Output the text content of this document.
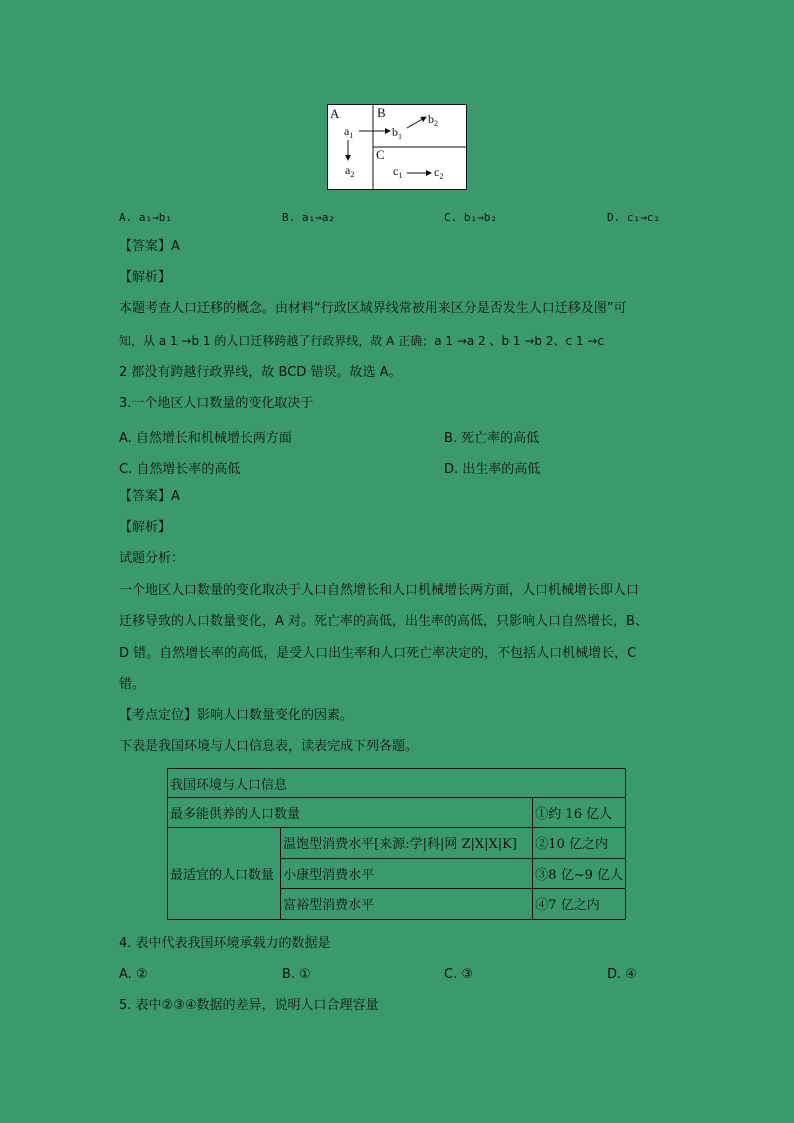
A	B
C
$a_1$
$a_2$
$b_1$
$b_2$
$c_1$	$c_2$
A. a₁→b₁	B. a₁→a₂	C. b₁→b₂	D. c₁→c₂
【答案】A
【解析】
本题考查人口迁移的概念。由材料“行政区域界线常被用来区分是否发生人口迁移及图”可
知，从 a 1 →b 1 的人口迁移跨越了行政界线，故 A 正确；a 1 →a 2 、b 1 →b 2、c 1 →c
2 都没有跨越行政界线，故 BCD 错误。故选 A。
3.一个地区人口数量的变化取决于
A. 自然增长和机械增长两方面	B. 死亡率的高低
C. 自然增长率的高低	D. 出生率的高低
【答案】A
【解析】
试题分析：
一个地区人口数量的变化取决于人口自然增长和人口机械增长两方面，人口机械增长即人口
迁移导致的人口数量变化，A 对。死亡率的高低，出生率的高低，只影响人口自然增长，B、
D 错。自然增长率的高低，是受人口出生率和人口死亡率决定的，不包括人口机械增长，C
错。
【考点定位】影响人口数量变化的因素。
下表是我国环境与人口信息表，读表完成下列各题。
我国环境与人口信息		
最多能供养的人口数量		①约 16 亿人
最适宜的人口数量	温饱型消费水平[来源:学|科|网 Z|X|X|K]	②10 亿之内
	小康型消费水平	③8 亿~9 亿人
	富裕型消费水平	④7 亿之内
4. 表中代表我国环境承载力的数据是
A. ②	B. ①	C. ③	D. ④
5. 表中②③④数据的差异，说明人口合理容量
